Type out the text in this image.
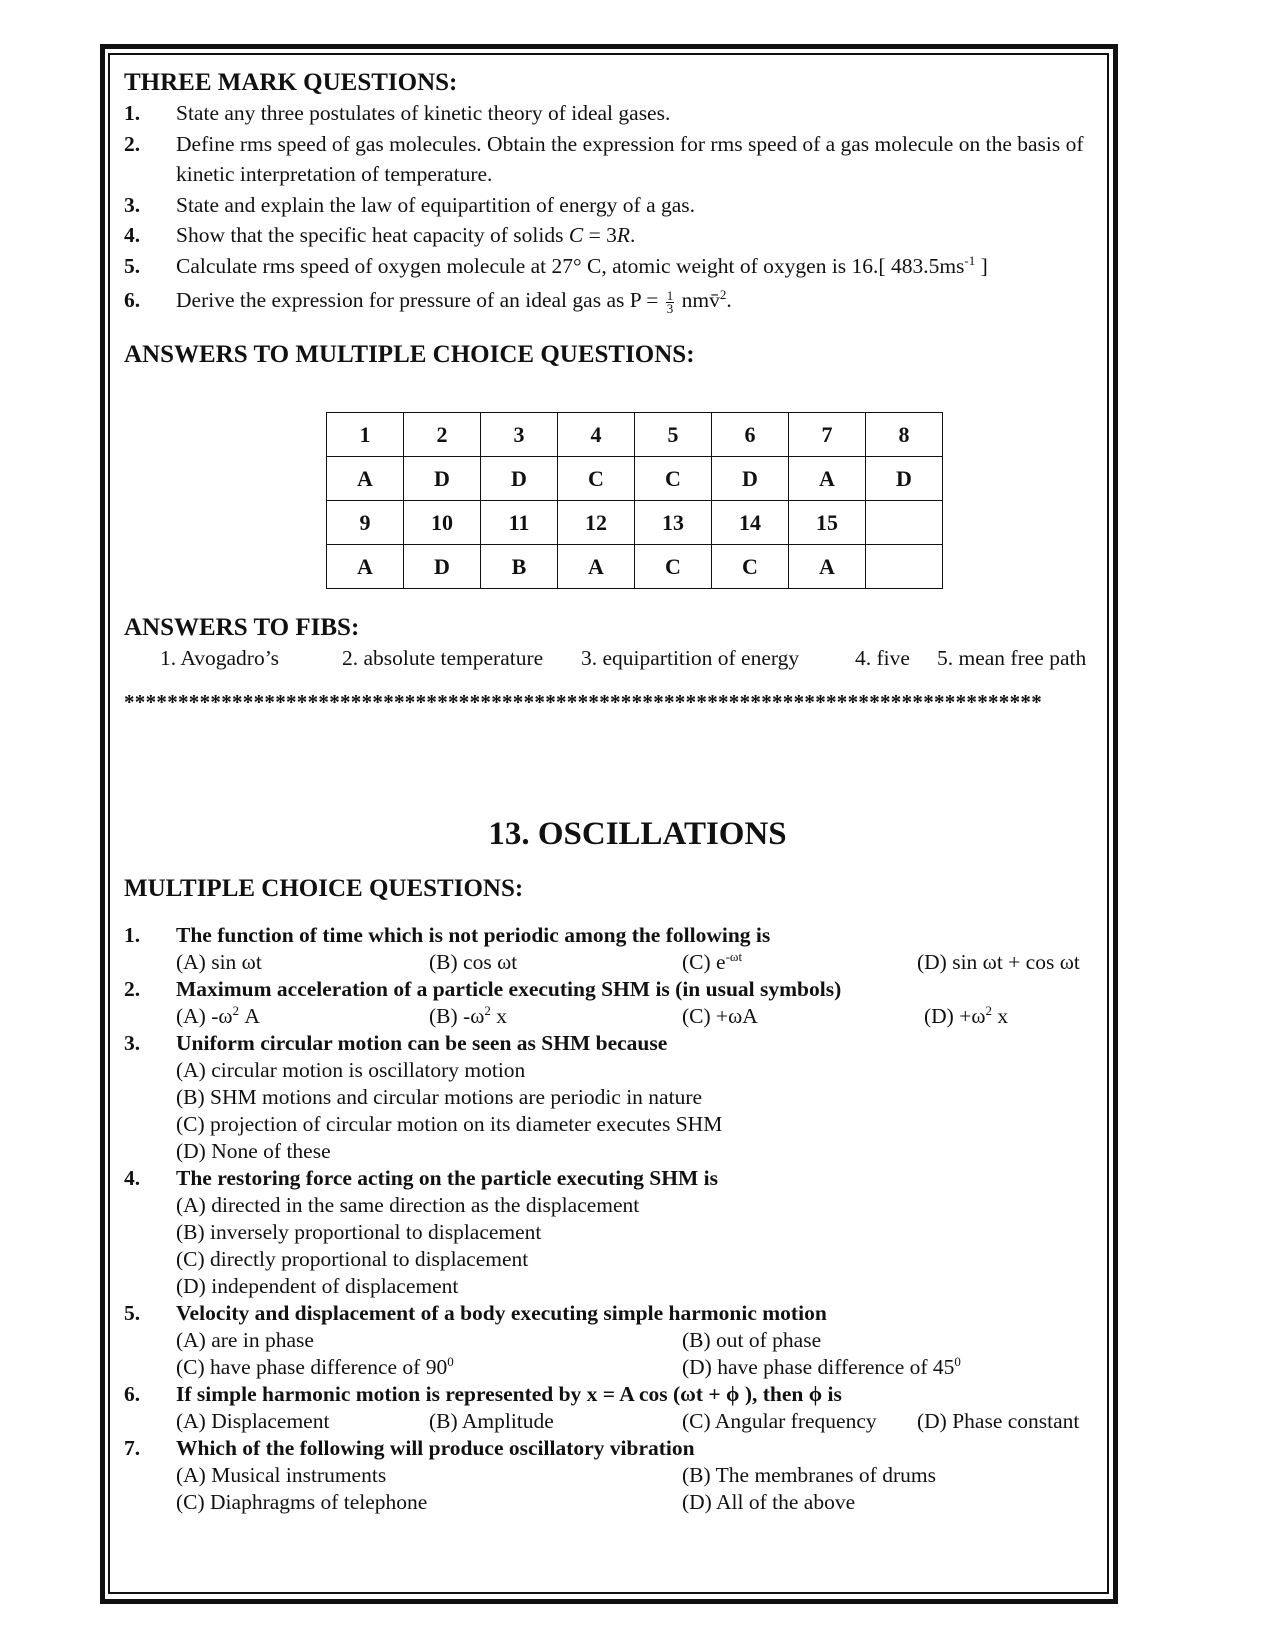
THREE MARK QUESTIONS:
1.	State any three postulates of kinetic theory of ideal gases.
2.	Define rms speed of gas molecules. Obtain the expression for rms speed of a gas molecule on the basis of kinetic interpretation of temperature.
3.	State and explain the law of equipartition of energy of a gas.
4.	Show that the specific heat capacity of solids C = 3R.
5.	Calculate rms speed of oxygen molecule at 27° C, atomic weight of oxygen is 16.[ $483.5ms^{-1}$ ]
6.	Derive the expression for pressure of an ideal gas as $P = \frac{1}{3}$ nmv̄$^2$.
ANSWERS TO MULTIPLE CHOICE QUESTIONS:
1	2	3	4	5	6	7	8
A	D	D	C	C	D	A	D
9	10	11	12	13	14	15	
A	D	B	A	C	C	A	
ANSWERS TO FIBS:
1. Avogadro’s	2. absolute temperature 3. equipartition of energy	4. five 5. mean free path
*************************************************************************************
13. OSCILLATIONS
MULTIPLE CHOICE QUESTIONS:
1. The function of time which is not periodic among the following is
(A) sin ωt	(B) cos ωt	(C) $e^{-\omega t}$	(D) sin ωt + cos ωt
2. Maximum acceleration of a particle executing SHM is (in usual symbols)
(A) $-\omega^2$ A	(B) $-\omega^2$ x	(C) +ωA	$(D) +\omega^2$ x
3. Uniform circular motion can be seen as SHM because
(A) circular motion is oscillatory motion
(B) SHM motions and circular motions are periodic in nature
(C) projection of circular motion on its diameter executes SHM
(D) None of these
4. The restoring force acting on the particle executing SHM is
(A) directed in the same direction as the displacement
(B) inversely proportional to displacement
(C) directly proportional to displacement
(D) independent of displacement
5. Velocity and displacement of a body executing simple harmonic motion
(A) are in phase	(B) out of phase
(C) have phase difference of $90^0$	(D) have phase difference of $45^0$
6. If simple harmonic motion is represented by x = A cos (ωt + ϕ ), then ϕ is
(A) Displacement	(B) Amplitude	(C) Angular frequency (D) Phase constant
7. Which of the following will produce oscillatory vibration
(A) Musical instruments	(B) The membranes of drums
(C) Diaphragms of telephone	(D) All of the above
